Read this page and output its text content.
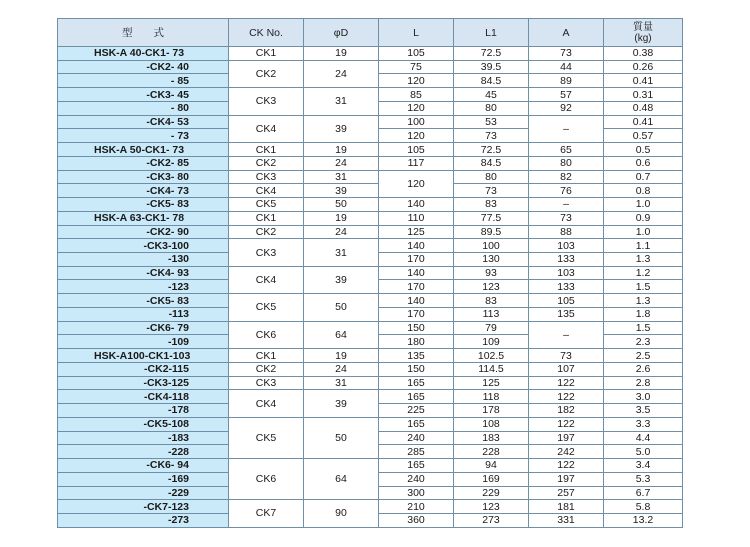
型　　式	CK No.	φD	L	L1	A	質量
(kg)
HSK-A 40-CK1- 73	CK1	19	105	72.5	73	0.38
-CK2- 40	CK2	24	75	39.5	44	0.26
- 85			120	84.5	89	0.41
-CK3- 45	CK3	31	85	45	57	0.31
- 80			120	80	92	0.48
-CK4- 53	CK4	39	100	53	–	0.41
- 73			120	73		0.57
HSK-A 50-CK1- 73	CK1	19	105	72.5	65	0.5
-CK2- 85	CK2	24	117	84.5	80	0.6
-CK3- 80	CK3	31	120	80	82	0.7
-CK4- 73	CK4	39		73	76	0.8
-CK5- 83	CK5	50	140	83	–	1.0
HSK-A 63-CK1- 78	CK1	19	110	77.5	73	0.9
-CK2- 90	CK2	24	125	89.5	88	1.0
-CK3-100	CK3	31	140	100	103	1.1
-130			170	130	133	1.3
-CK4- 93	CK4	39	140	93	103	1.2
-123			170	123	133	1.5
-CK5- 83	CK5	50	140	83	105	1.3
-113			170	113	135	1.8
-CK6- 79	CK6	64	150	79	–	1.5
-109			180	109		2.3
HSK-A100-CK1-103	CK1	19	135	102.5	73	2.5
-CK2-115	CK2	24	150	114.5	107	2.6
-CK3-125	CK3	31	165	125	122	2.8
-CK4-118	CK4	39	165	118	122	3.0
-178			225	178	182	3.5
-CK5-108	CK5	50	165	108	122	3.3
-183			240	183	197	4.4
-228			285	228	242	5.0
-CK6- 94	CK6	64	165	94	122	3.4
-169			240	169	197	5.3
-229			300	229	257	6.7
-CK7-123	CK7	90	210	123	181	5.8
-273			360	273	331	13.2
